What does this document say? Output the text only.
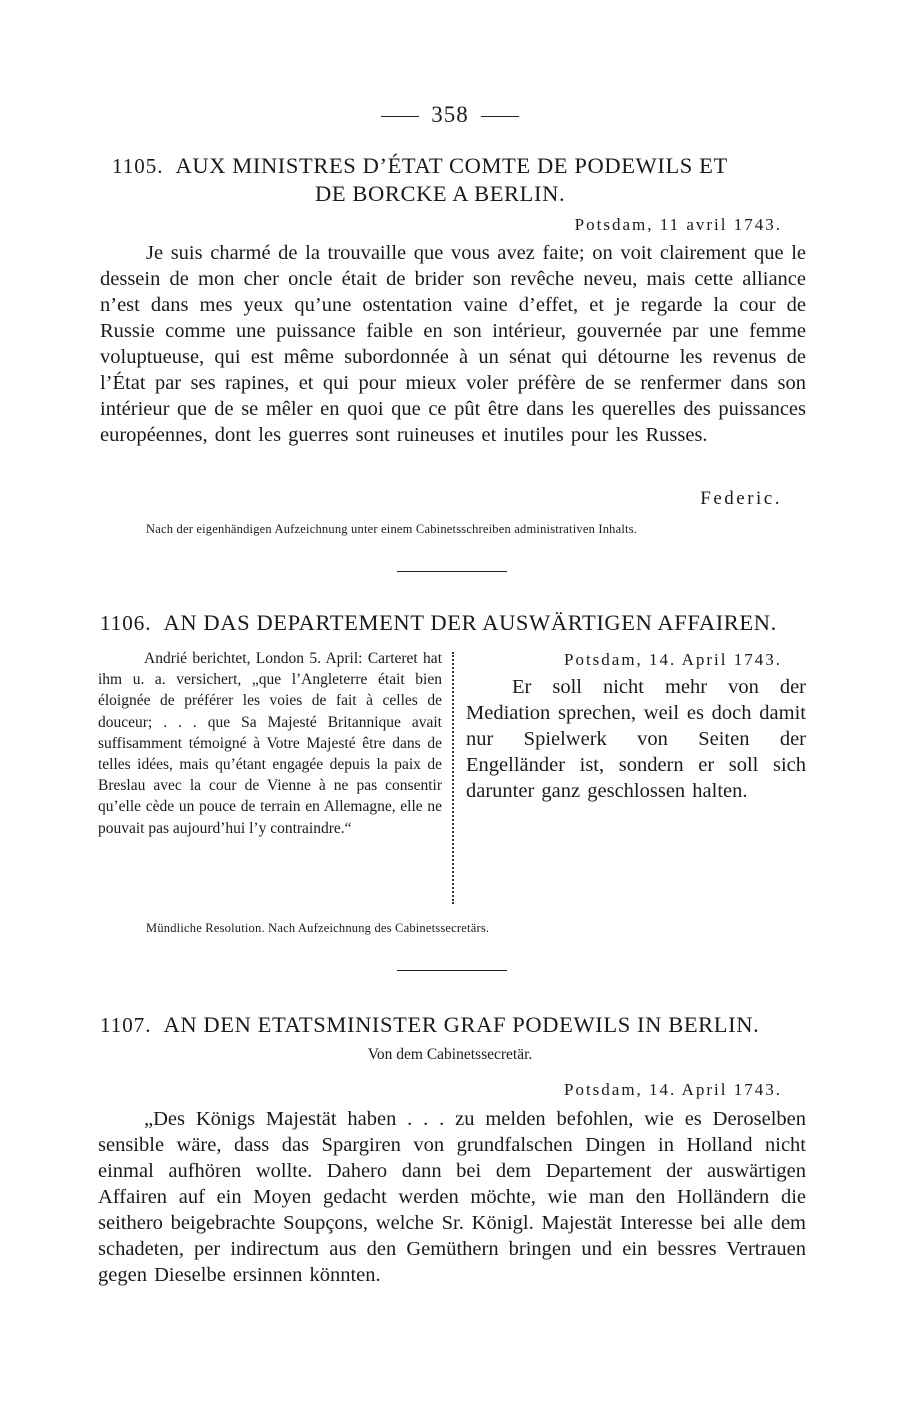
358
1105. AUX MINISTRES D’ÉTAT COMTE DE PODEWILS ET
DE BORCKE A BERLIN.
Potsdam, 11 avril 1743.
Je suis charmé de la trouvaille que vous avez faite; on voit clairement que le dessein de mon cher oncle était de brider son revêche neveu, mais cette alliance n’est dans mes yeux qu’une ostentation vaine d’effet, et je regarde la cour de Russie comme une puissance faible en son intérieur, gouvernée par une femme voluptueuse, qui est même subordonnée à un sénat qui détourne les revenus de l’État par ses rapines, et qui pour mieux voler préfère de se renfermer dans son intérieur que de se mêler en quoi que ce pût être dans les querelles des puissances européennes, dont les guerres sont ruineuses et inutiles pour les Russes.
Federic.
Nach der eigenhändigen Aufzeichnung unter einem Cabinetsschreiben administrativen Inhalts.
1106. AN DAS DEPARTEMENT DER AUSWÄRTIGEN AFFAIREN.
Andrié berichtet, London 5. April: Carteret hat ihm u. a. versichert, „que l’Angleterre était bien éloignée de préférer les voies de fait à celles de douceur; . . . que Sa Majesté Britannique avait suffisamment témoigné à Votre Majesté être dans de telles idées, mais qu’étant engagée depuis la paix de Breslau avec la cour de Vienne à ne pas consentir qu’elle cède un pouce de terrain en Allemagne, elle ne pouvait pas aujourd’hui l’y contraindre.“
Potsdam, 14. April 1743.
Er soll nicht mehr von der Mediation sprechen, weil es doch damit nur Spielwerk von Seiten der Engelländer ist, sondern er soll sich darunter ganz geschlossen halten.
Mündliche Resolution. Nach Aufzeichnung des Cabinetssecretärs.
1107. AN DEN ETATSMINISTER GRAF PODEWILS IN BERLIN.
Von dem Cabinetssecretär.
Potsdam, 14. April 1743.
„Des Königs Majestät haben . . . zu melden befohlen, wie es Deroselben sensible wäre, dass das Spargiren von grundfalschen Dingen in Holland nicht einmal aufhören wollte. Dahero dann bei dem Departement der auswärtigen Affairen auf ein Moyen gedacht werden möchte, wie man den Holländern die seithero beigebrachte Soupçons, welche Sr. Königl. Majestät Interesse bei alle dem schadeten, per indirectum aus den Gemüthern bringen und ein bessres Vertrauen gegen Dieselbe ersinnen könnten.
